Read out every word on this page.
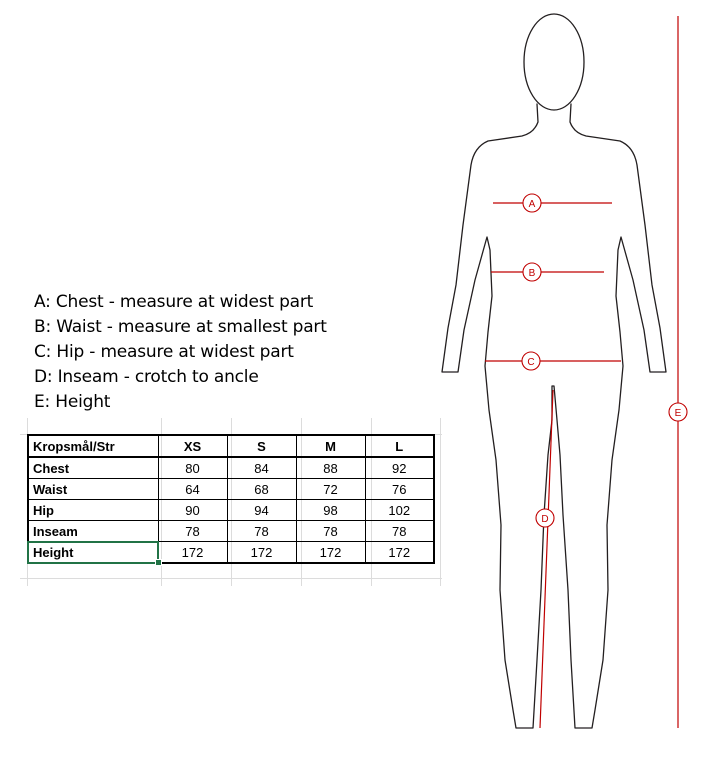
A: Chest - measure at widest part
B: Waist - measure at smallest part
C: Hip - measure at widest part
D: Inseam - crotch to ancle
E: Height
Kropsmål/Str	XS	S	M	L
Chest	80	84	88	92
Waist	64	68	72	76
Hip	90	94	98	102
Inseam	78	78	78	78
Height	172	172	172	172
A
B
C
D
E
